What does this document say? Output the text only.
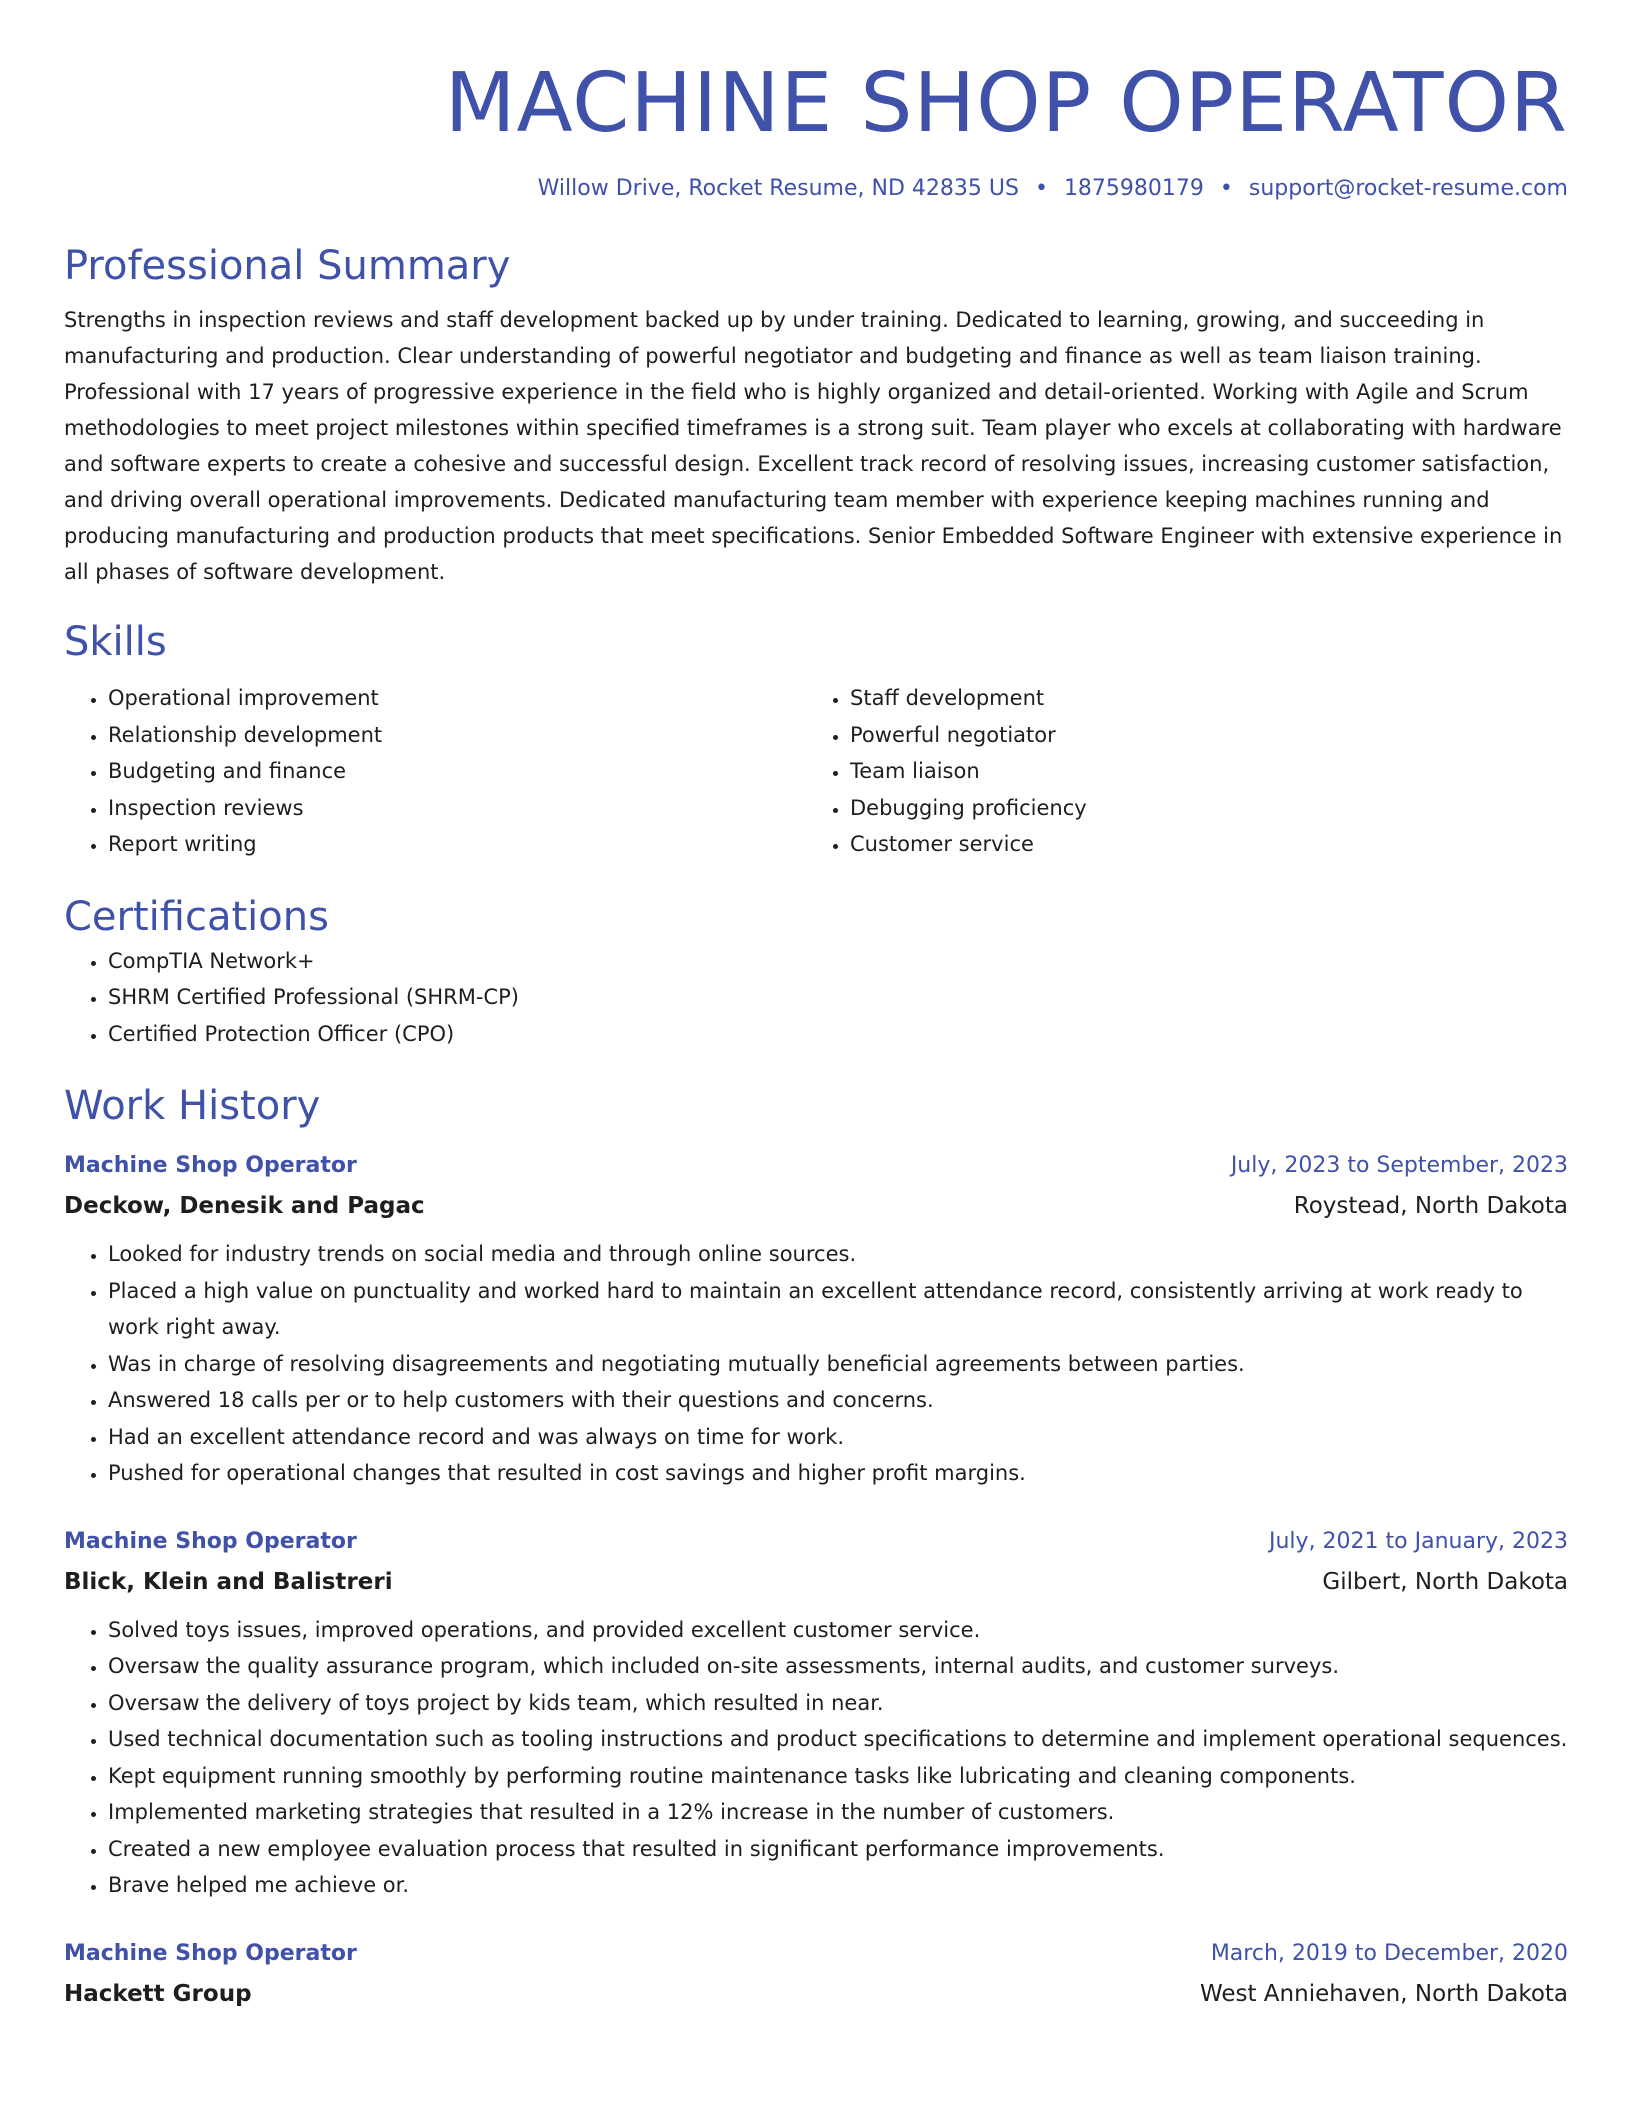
MACHINE SHOP OPERATOR
Willow Drive, Rocket Resume, ND 42835 US • 1875980179 • support@rocket-resume.com
Professional Summary
Strengths in inspection reviews and staff development backed up by under training. Dedicated to learning, growing, and succeeding in manufacturing and production. Clear understanding of powerful negotiator and budgeting and finance as well as team liaison training. Professional with 17 years of progressive experience in the field who is highly organized and detail-oriented. Working with Agile and Scrum methodologies to meet project milestones within specified timeframes is a strong suit. Team player who excels at collaborating with hardware and software experts to create a cohesive and successful design. Excellent track record of resolving issues, increasing customer satisfaction, and driving overall operational improvements. Dedicated manufacturing team member with experience keeping machines running and producing manufacturing and production products that meet specifications. Senior Embedded Software Engineer with extensive experience in all phases of software development.
Skills
• Operational improvement
• Relationship development
• Budgeting and finance
• Inspection reviews
• Report writing
• Staff development
• Powerful negotiator
• Team liaison
• Debugging proficiency
• Customer service
Certifications
• CompTIA Network+
• SHRM Certified Professional (SHRM-CP)
• Certified Protection Officer (CPO)
Work History
Machine Shop Operator	July, 2023 to September, 2023
Deckow, Denesik and Pagac	Roystead, North Dakota
• Looked for industry trends on social media and through online sources.
• Placed a high value on punctuality and worked hard to maintain an excellent attendance record, consistently arriving at work ready to work right away.
• Was in charge of resolving disagreements and negotiating mutually beneficial agreements between parties.
• Answered 18 calls per or to help customers with their questions and concerns.
• Had an excellent attendance record and was always on time for work.
• Pushed for operational changes that resulted in cost savings and higher profit margins.
Machine Shop Operator	July, 2021 to January, 2023
Blick, Klein and Balistreri	Gilbert, North Dakota
• Solved toys issues, improved operations, and provided excellent customer service.
• Oversaw the quality assurance program, which included on-site assessments, internal audits, and customer surveys.
• Oversaw the delivery of toys project by kids team, which resulted in near.
• Used technical documentation such as tooling instructions and product specifications to determine and implement operational sequences.
• Kept equipment running smoothly by performing routine maintenance tasks like lubricating and cleaning components.
• Implemented marketing strategies that resulted in a 12% increase in the number of customers.
• Created a new employee evaluation process that resulted in significant performance improvements.
• Brave helped me achieve or.
Machine Shop Operator	March, 2019 to December, 2020
Hackett Group	West Anniehaven, North Dakota
